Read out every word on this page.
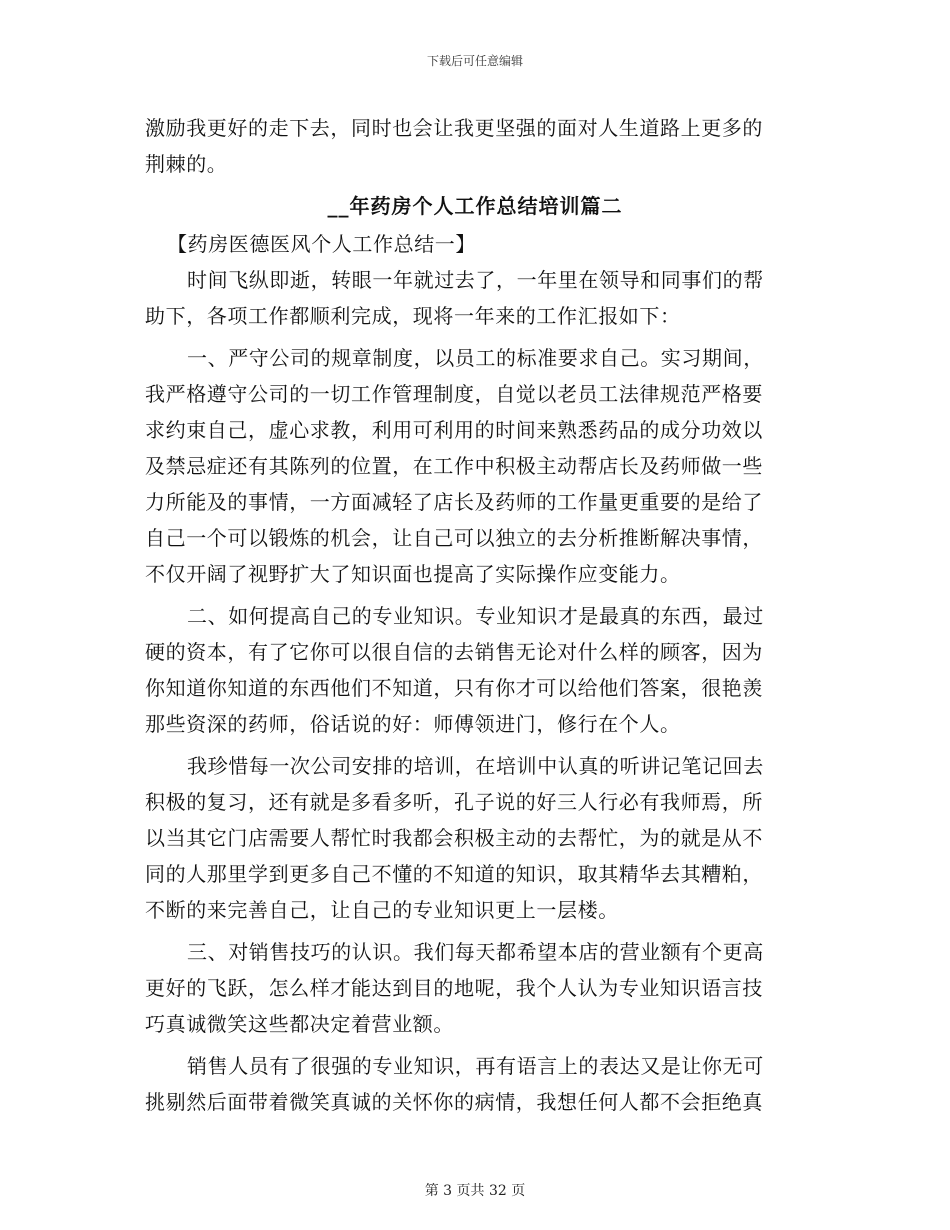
下载后可任意编辑
激励我更好的走下去，同时也会让我更坚强的面对人生道路上更多的
荆棘的。
__年药房个人工作总结培训篇二
【药房医德医风个人工作总结一】
时间飞纵即逝，转眼一年就过去了，一年里在领导和同事们的帮
助下，各项工作都顺利完成，现将一年来的工作汇报如下：
一、严守公司的规章制度，以员工的标准要求自己。实习期间，
我严格遵守公司的一切工作管理制度，自觉以老员工法律规范严格要
求约束自己，虚心求教，利用可利用的时间来熟悉药品的成分功效以
及禁忌症还有其陈列的位置，在工作中积极主动帮店长及药师做一些
力所能及的事情，一方面减轻了店长及药师的工作量更重要的是给了
自己一个可以锻炼的机会，让自己可以独立的去分析推断解决事情，
不仅开阔了视野扩大了知识面也提高了实际操作应变能力。
二、如何提高自己的专业知识。专业知识才是最真的东西，最过
硬的资本，有了它你可以很自信的去销售无论对什么样的顾客，因为
你知道你知道的东西他们不知道，只有你才可以给他们答案，很艳羡
那些资深的药师，俗话说的好：师傅领进门，修行在个人。
我珍惜每一次公司安排的培训，在培训中认真的听讲记笔记回去
积极的复习，还有就是多看多听，孔子说的好三人行必有我师焉，所
以当其它门店需要人帮忙时我都会积极主动的去帮忙，为的就是从不
同的人那里学到更多自己不懂的不知道的知识，取其精华去其糟粕，
不断的来完善自己，让自己的专业知识更上一层楼。
三、对销售技巧的认识。我们每天都希望本店的营业额有个更高
更好的飞跃，怎么样才能达到目的地呢，我个人认为专业知识语言技
巧真诚微笑这些都决定着营业额。
销售人员有了很强的专业知识，再有语言上的表达又是让你无可
挑剔然后面带着微笑真诚的关怀你的病情，我想任何人都不会拒绝真
第 3 页共 32 页
